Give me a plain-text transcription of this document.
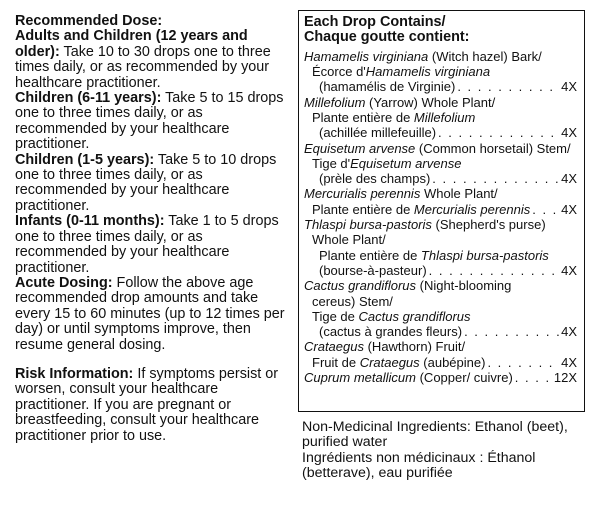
Recommended Dose:

Adults and Children (12 years and older): Take 10 to 30 drops one to three times daily, or as recommended by your healthcare practitioner.

Children (6-11 years): Take 5 to 15 drops one to three times daily, or as recommended by your healthcare practitioner.

Children (1-5 years): Take 5 to 10 drops one to three times daily, or as recommended by your healthcare practitioner.

Infants (0-11 months): Take 1 to 5 drops one to three times daily, or as recommended by your healthcare practitioner.

Acute Dosing: Follow the above age recommended drop amounts and take every 15 to 60 minutes (up to 12 times per day) or until symptoms improve, then resume general dosing.

Risk Information: If symptoms persist or worsen, consult your healthcare practitioner. If you are pregnant or breastfeeding, consult your healthcare practitioner prior to use.

Each Drop Contains/
Chaque goutte contient:
Hamamelis virginiana (Witch hazel) Bark/
Écorce d'Hamamelis virginiana
(hamamélis de Virginie) . . .	4X
Millefolium (Yarrow) Whole Plant/
Plante entière de Millefolium
(achillée millefeuille) . . .	4X
Equisetum arvense (Common horsetail) Stem/
Tige d'Equisetum arvense
(prèle des champs) . . .	4X
Mercurialis perennis Whole Plant/
Plante entière de Mercurialis perennis . . . 4X
Thlaspi bursa-pastoris (Shepherd's purse)
Whole Plant/
Plante entière de Thlaspi bursa-pastoris
(bourse-à-pasteur) . . .	4X
Cactus grandiflorus (Night-blooming
cereus) Stem/
Tige de Cactus grandiflorus
(cactus à grandes fleurs) . . .	4X
Crataegus (Hawthorn) Fruit/
Fruit de Crataegus (aubépine) . . .	4X
Cuprum metallicum (Copper/ cuivre) . . .	12X

Non-Medicinal Ingredients: Ethanol (beet), purified water

Ingrédients non médicinaux : Éthanol (betterave), eau purifiée
